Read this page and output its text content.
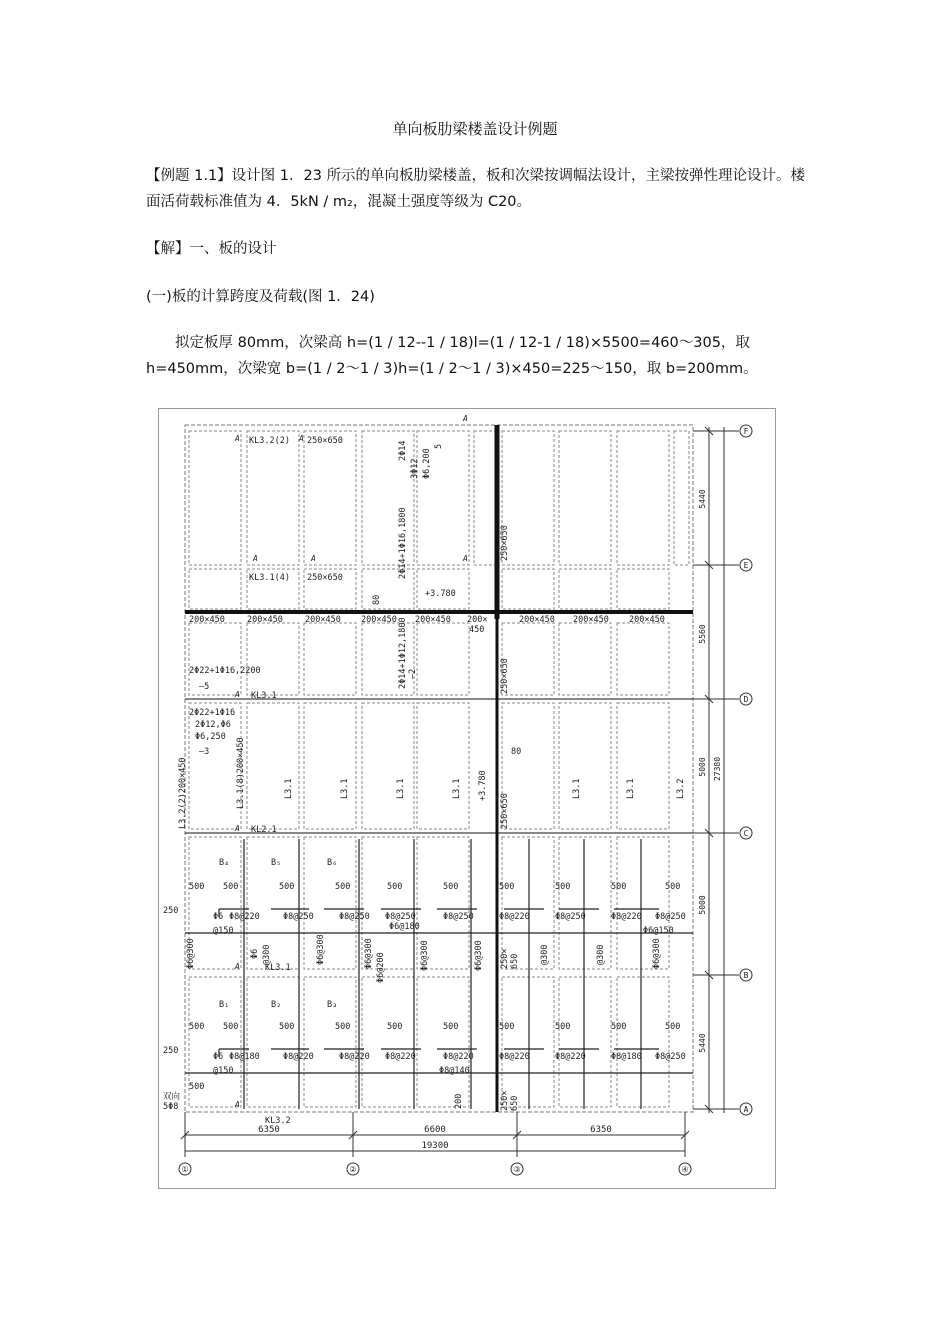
单向板肋梁楼盖设计例题
【例题 1.1】设计图 1．23 所示的单向板肋梁楼盖，板和次梁按调幅法设计，主梁按弹性理论设计。楼面活荷载标准值为 4．5kN / m₂，混凝土强度等级为 C20。
【解】一、板的设计
(一)板的计算跨度及荷载(图 1．24)
拟定板厚 80mm，次梁高 h=(1 / 12--1 / 18)l=(1 / 12-1 / 18)×5500=460～305，取 h=450mm，次梁宽 b=(1 / 2～1 / 3)h=(1 / 2～1 / 3)×450=225～150，取 b=200mm。
①	②	③	④
F
E
D
C
B
A
6350	6600	6350
19300
5440
5560
5000
5000
5440
27380
KL3.2(2) 250×650
KL3.1(4) 250×650
KL3.1
KL2.1
KL3.1
KL3.2
200×450	200×450	200×450 200×450 200×450 200×
450
200×450 200×450 200×450
+3.780
80
2Φ22+1Φ16,2200
—5
2Φ22+1Φ16
2Φ12,Φ6
Φ6,250
—3
B₄	B₅	B₆
B₁	B₂	B₃
500 500	500	500	500	500	500	500	500	500
250
250
Φ6
@150
Φ8@220	Φ8@250	Φ8@250 Φ8@250	Φ8@250	Φ8@220	Φ8@250	Φ8@220 Φ8@250
Φ6@180	Φ6@150
Φ6
@150
Φ8@180	Φ8@220	Φ8@220 Φ8@220	Φ8@220	Φ8@220	Φ8@220	Φ8@180 Φ8@250
Φ8@140
500 500	500	500	500	500	500	500	500	500
500
双向
5Φ8
250×650
250×650
250×650
2Φ14+1Φ16,1800
3Φ12 Φ6,200
5
2Φ14
2Φ14+1Φ12,1800 —2
L3.1(8)200×450
L3.2(2)200×450	L3.1	L3.1	L3.1	L3.1	L3.1	L3.1	L3.2
+3.780
80
Φ6@300	Φ6 @300	Φ6@300	Φ6@300 Φ6@200	Φ6@300	Φ6@300	@300	@300	Φ6@300
250× 650
250× 650
200
A
A
A
A	A	A
A
A
A
A
